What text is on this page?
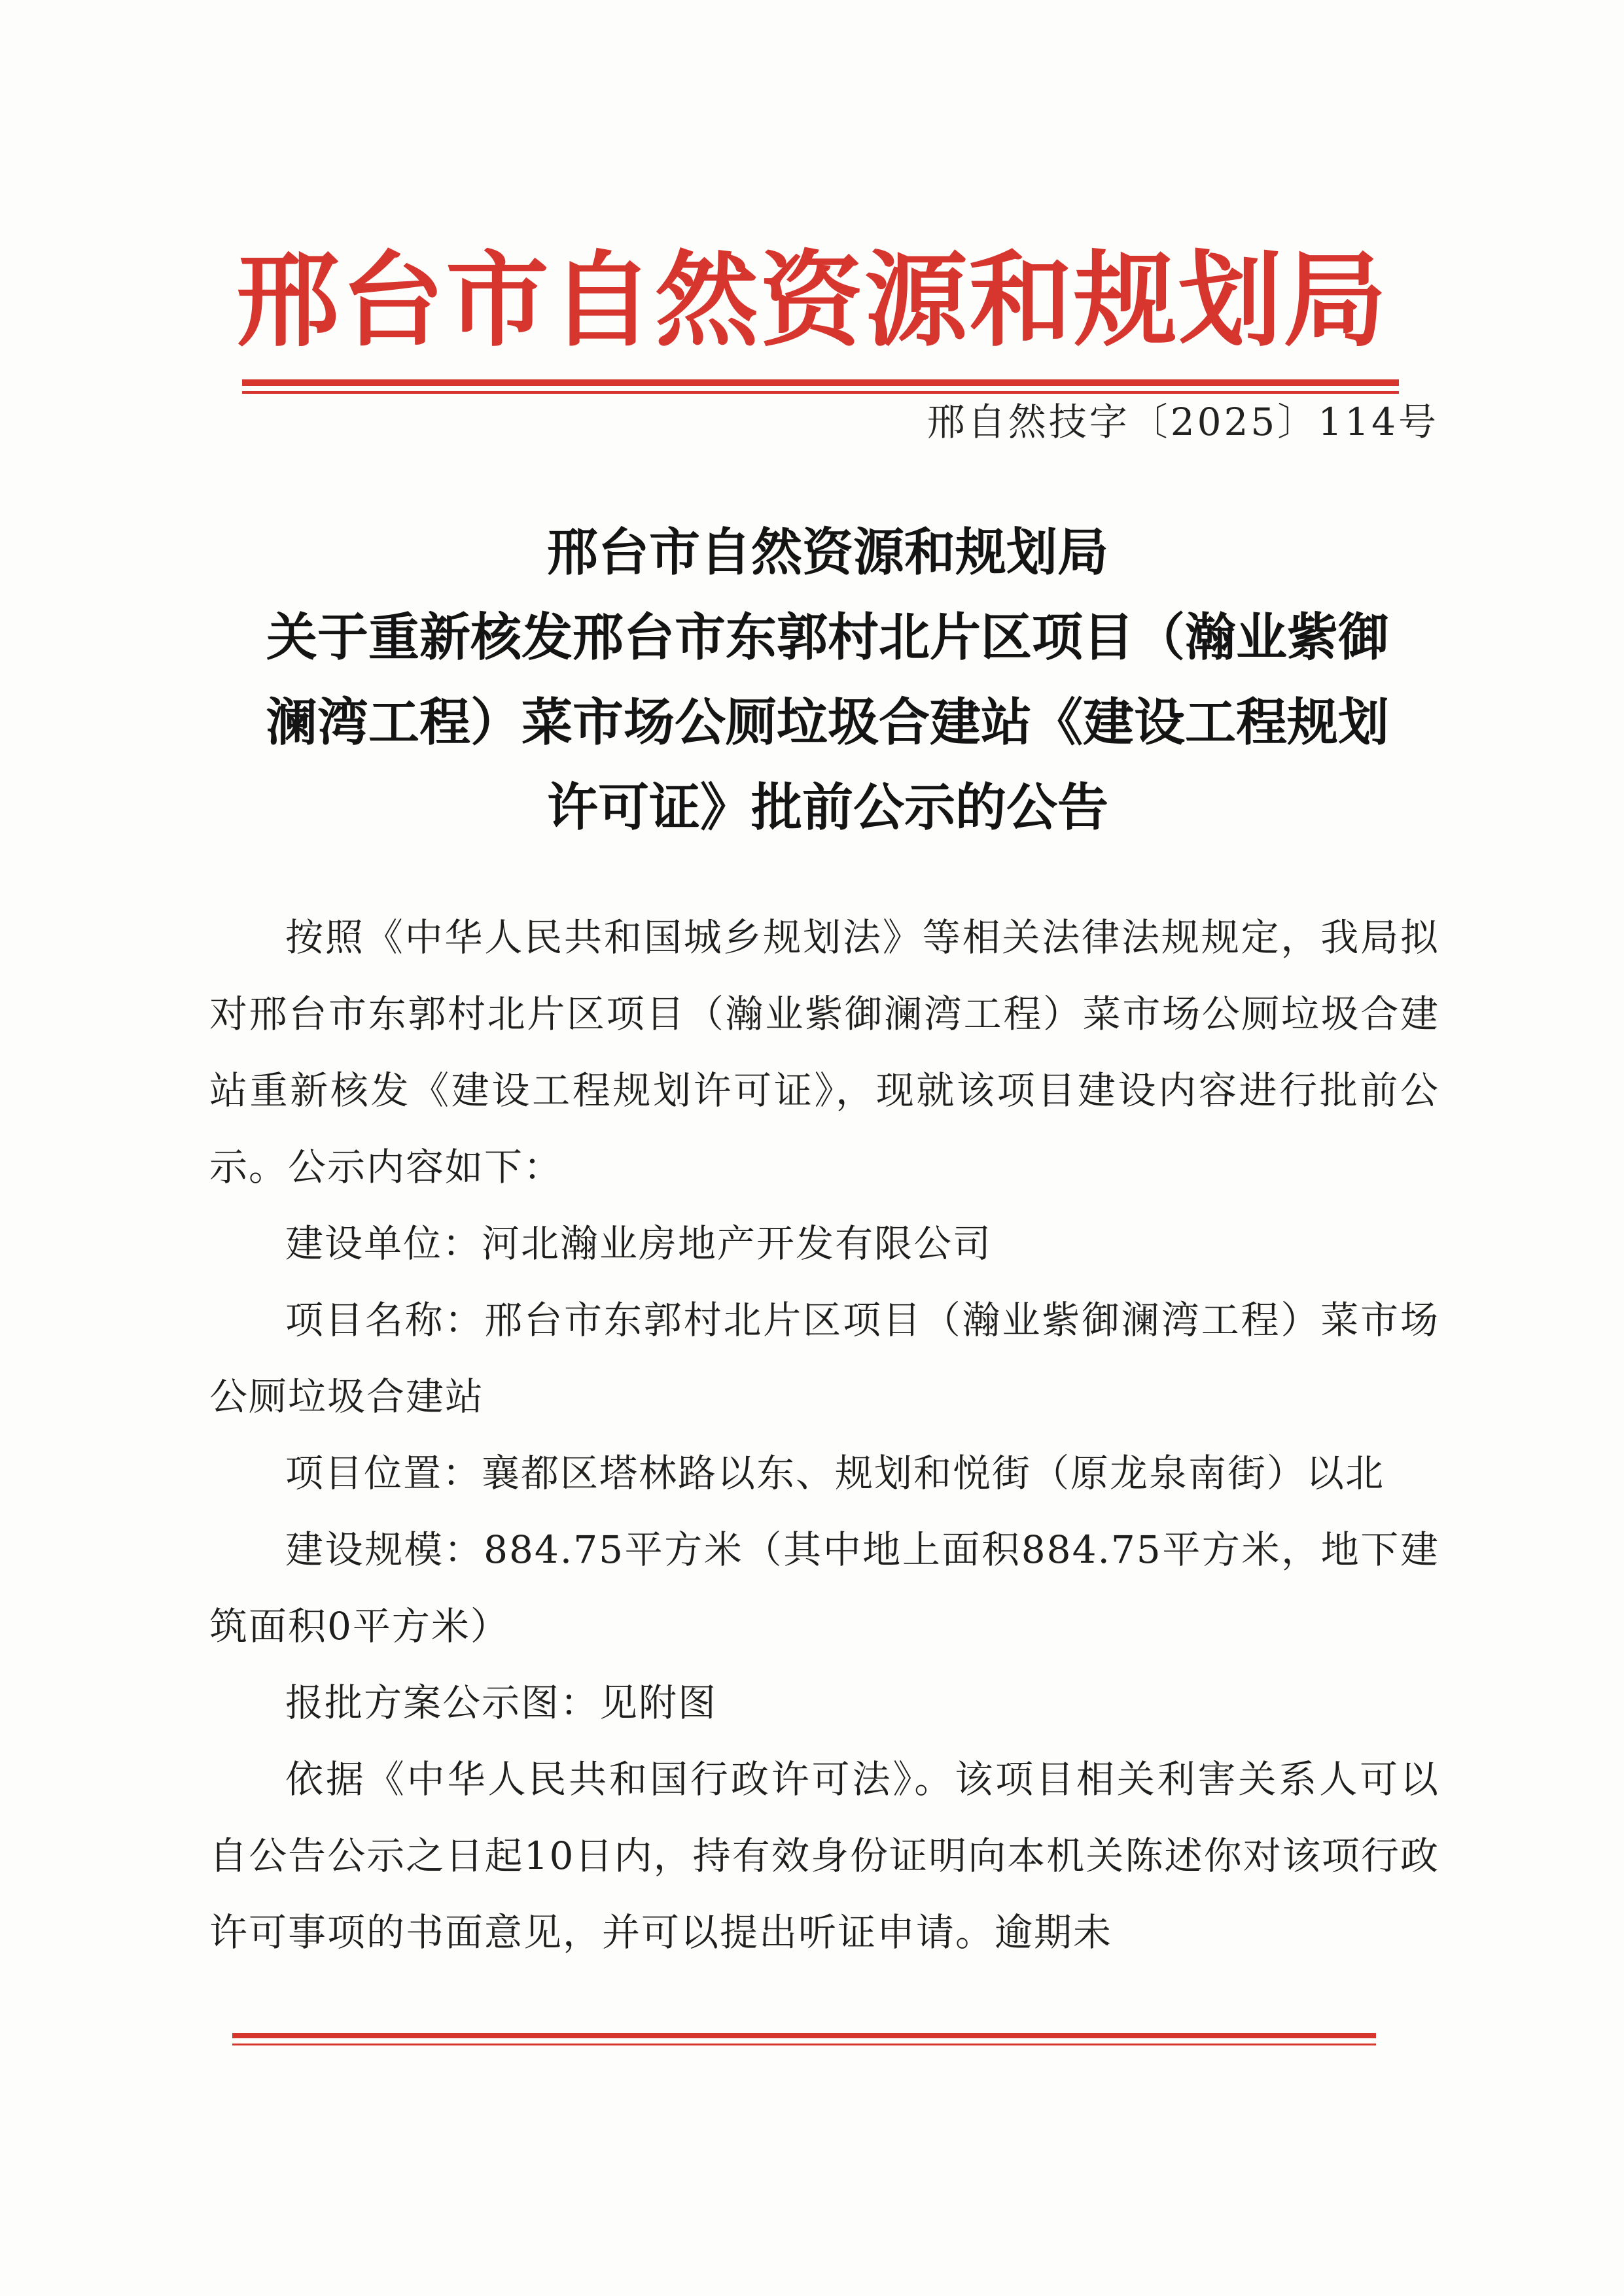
邢台市自然资源和规划局
邢自然技字〔2025〕114号
邢台市自然资源和规划局
关于重新核发邢台市东郭村北片区项目（瀚业紫御
澜湾工程）菜市场公厕垃圾合建站《建设工程规划
许可证》批前公示的公告

按照《中华人民共和国城乡规划法》等相关法律法规规定，我局拟对邢台市东郭村北片区项目（瀚业紫御澜湾工程）菜市场公厕垃圾合建站重新核发《建设工程规划许可证》，现就该项目建设内容进行批前公示。公示内容如下：

建设单位：河北瀚业房地产开发有限公司

项目名称：邢台市东郭村北片区项目（瀚业紫御澜湾工程）菜市场公厕垃圾合建站

项目位置：襄都区塔林路以东、规划和悦街（原龙泉南街）以北

建设规模：884.75平方米（其中地上面积884.75平方米，地下建筑面积0平方米）

报批方案公示图：见附图

依据《中华人民共和国行政许可法》。该项目相关利害关系人可以自公告公示之日起10日内，持有效身份证明向本机关陈述你对该项行政许可事项的书面意见，并可以提出听证申请。逾期未
